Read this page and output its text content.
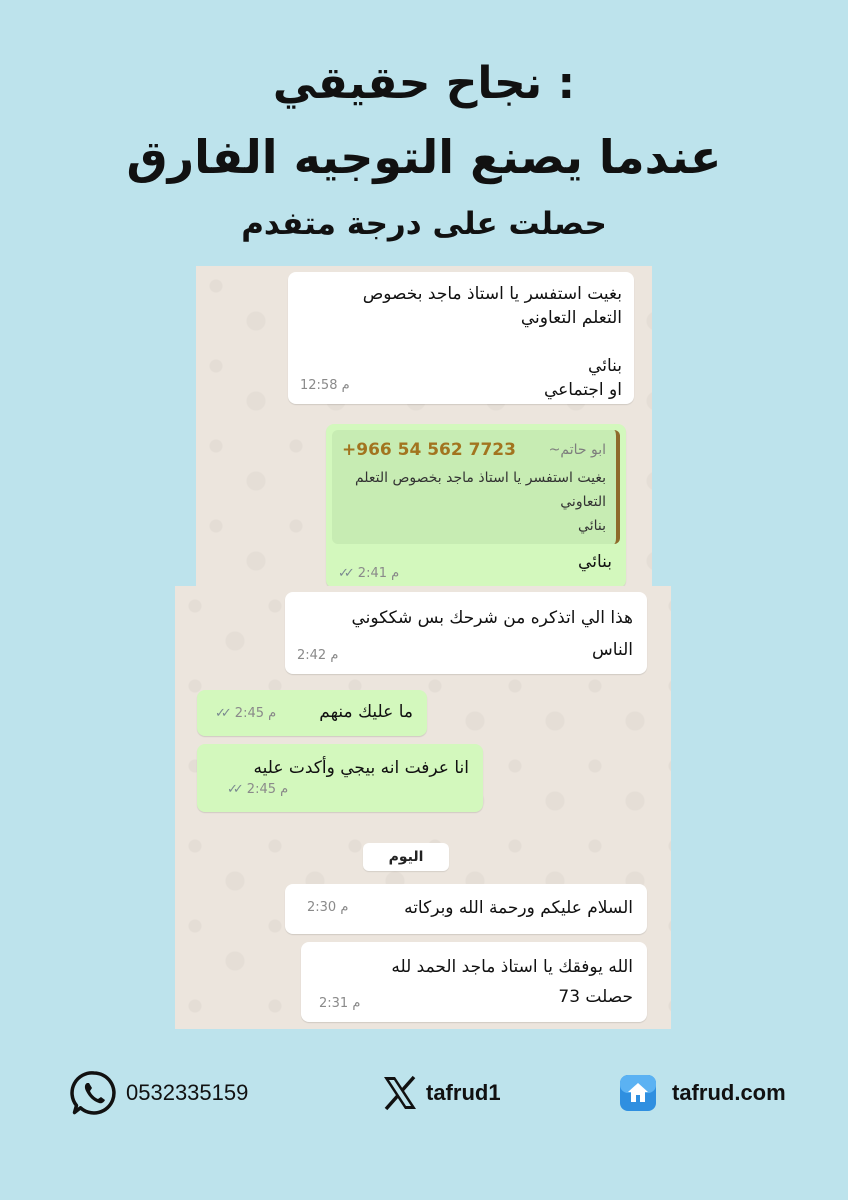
نجاح حقيقي :
عندما يصنع التوجيه الفارق
حصلت على درجة متفدم
بغيت استفسر يا استاذ ماجد بخصوص
التعلم التعاوني

بنائي
او اجتماعي
12:58 م
+966 54 562 7723 ~ابو حاتم
بغيت استفسر يا استاذ ماجد بخصوص التعلم
التعاوني
بنائي
بنائي
✓✓ 2:41 م
هذا الي اتذكره من شرحك بس شككوني
الناس
2:42 م
ما عليك منهم
✓✓ 2:45 م
انا عرفت انه بيجي وأكدت عليه
✓✓ 2:45 م
السلام عليكم ورحمة الله وبركاته
2:30 م
الله يوفقك يا استاذ ماجد الحمد لله
حصلت 73
2:31 م
اليوم
0532335159	tafrud1	tafrud.com
